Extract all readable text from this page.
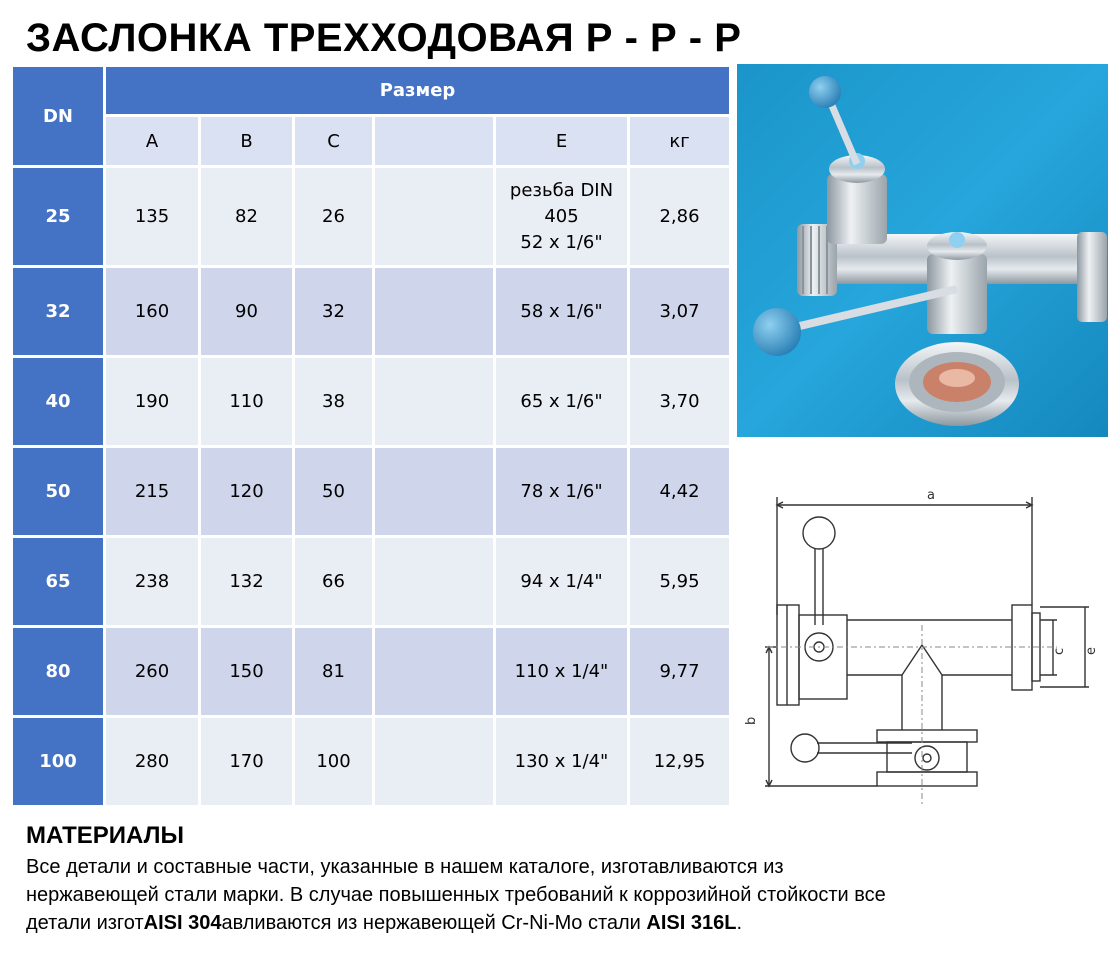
ЗАСЛОНКА ТРЕХХОДОВАЯ Р - Р - Р
DN	Размер					
	A	B	C		E	кг
25	135	82	26		резьба DIN
405
52 x 1/6"	2,86
32	160	90	32		58 x 1/6"	3,07
40	190	110	38		65 x 1/6"	3,70
50	215	120	50		78 x 1/6"	4,42
65	238	132	66		94 x 1/4"	5,95
80	260	150	81		110 x 1/4"	9,77
100	280	170	100		130 x 1/4"	12,95
a
b
c e
МАТЕРИАЛЫ
Все детали и составные части, указанные в нашем каталоге, изготавливаются из
нержавеющей стали марки. В случае повышенных требований к коррозийной стойкости все
детали изготAISI 304авливаются из нержавеющей Cr-Ni-Mo стали AISI 316L.
